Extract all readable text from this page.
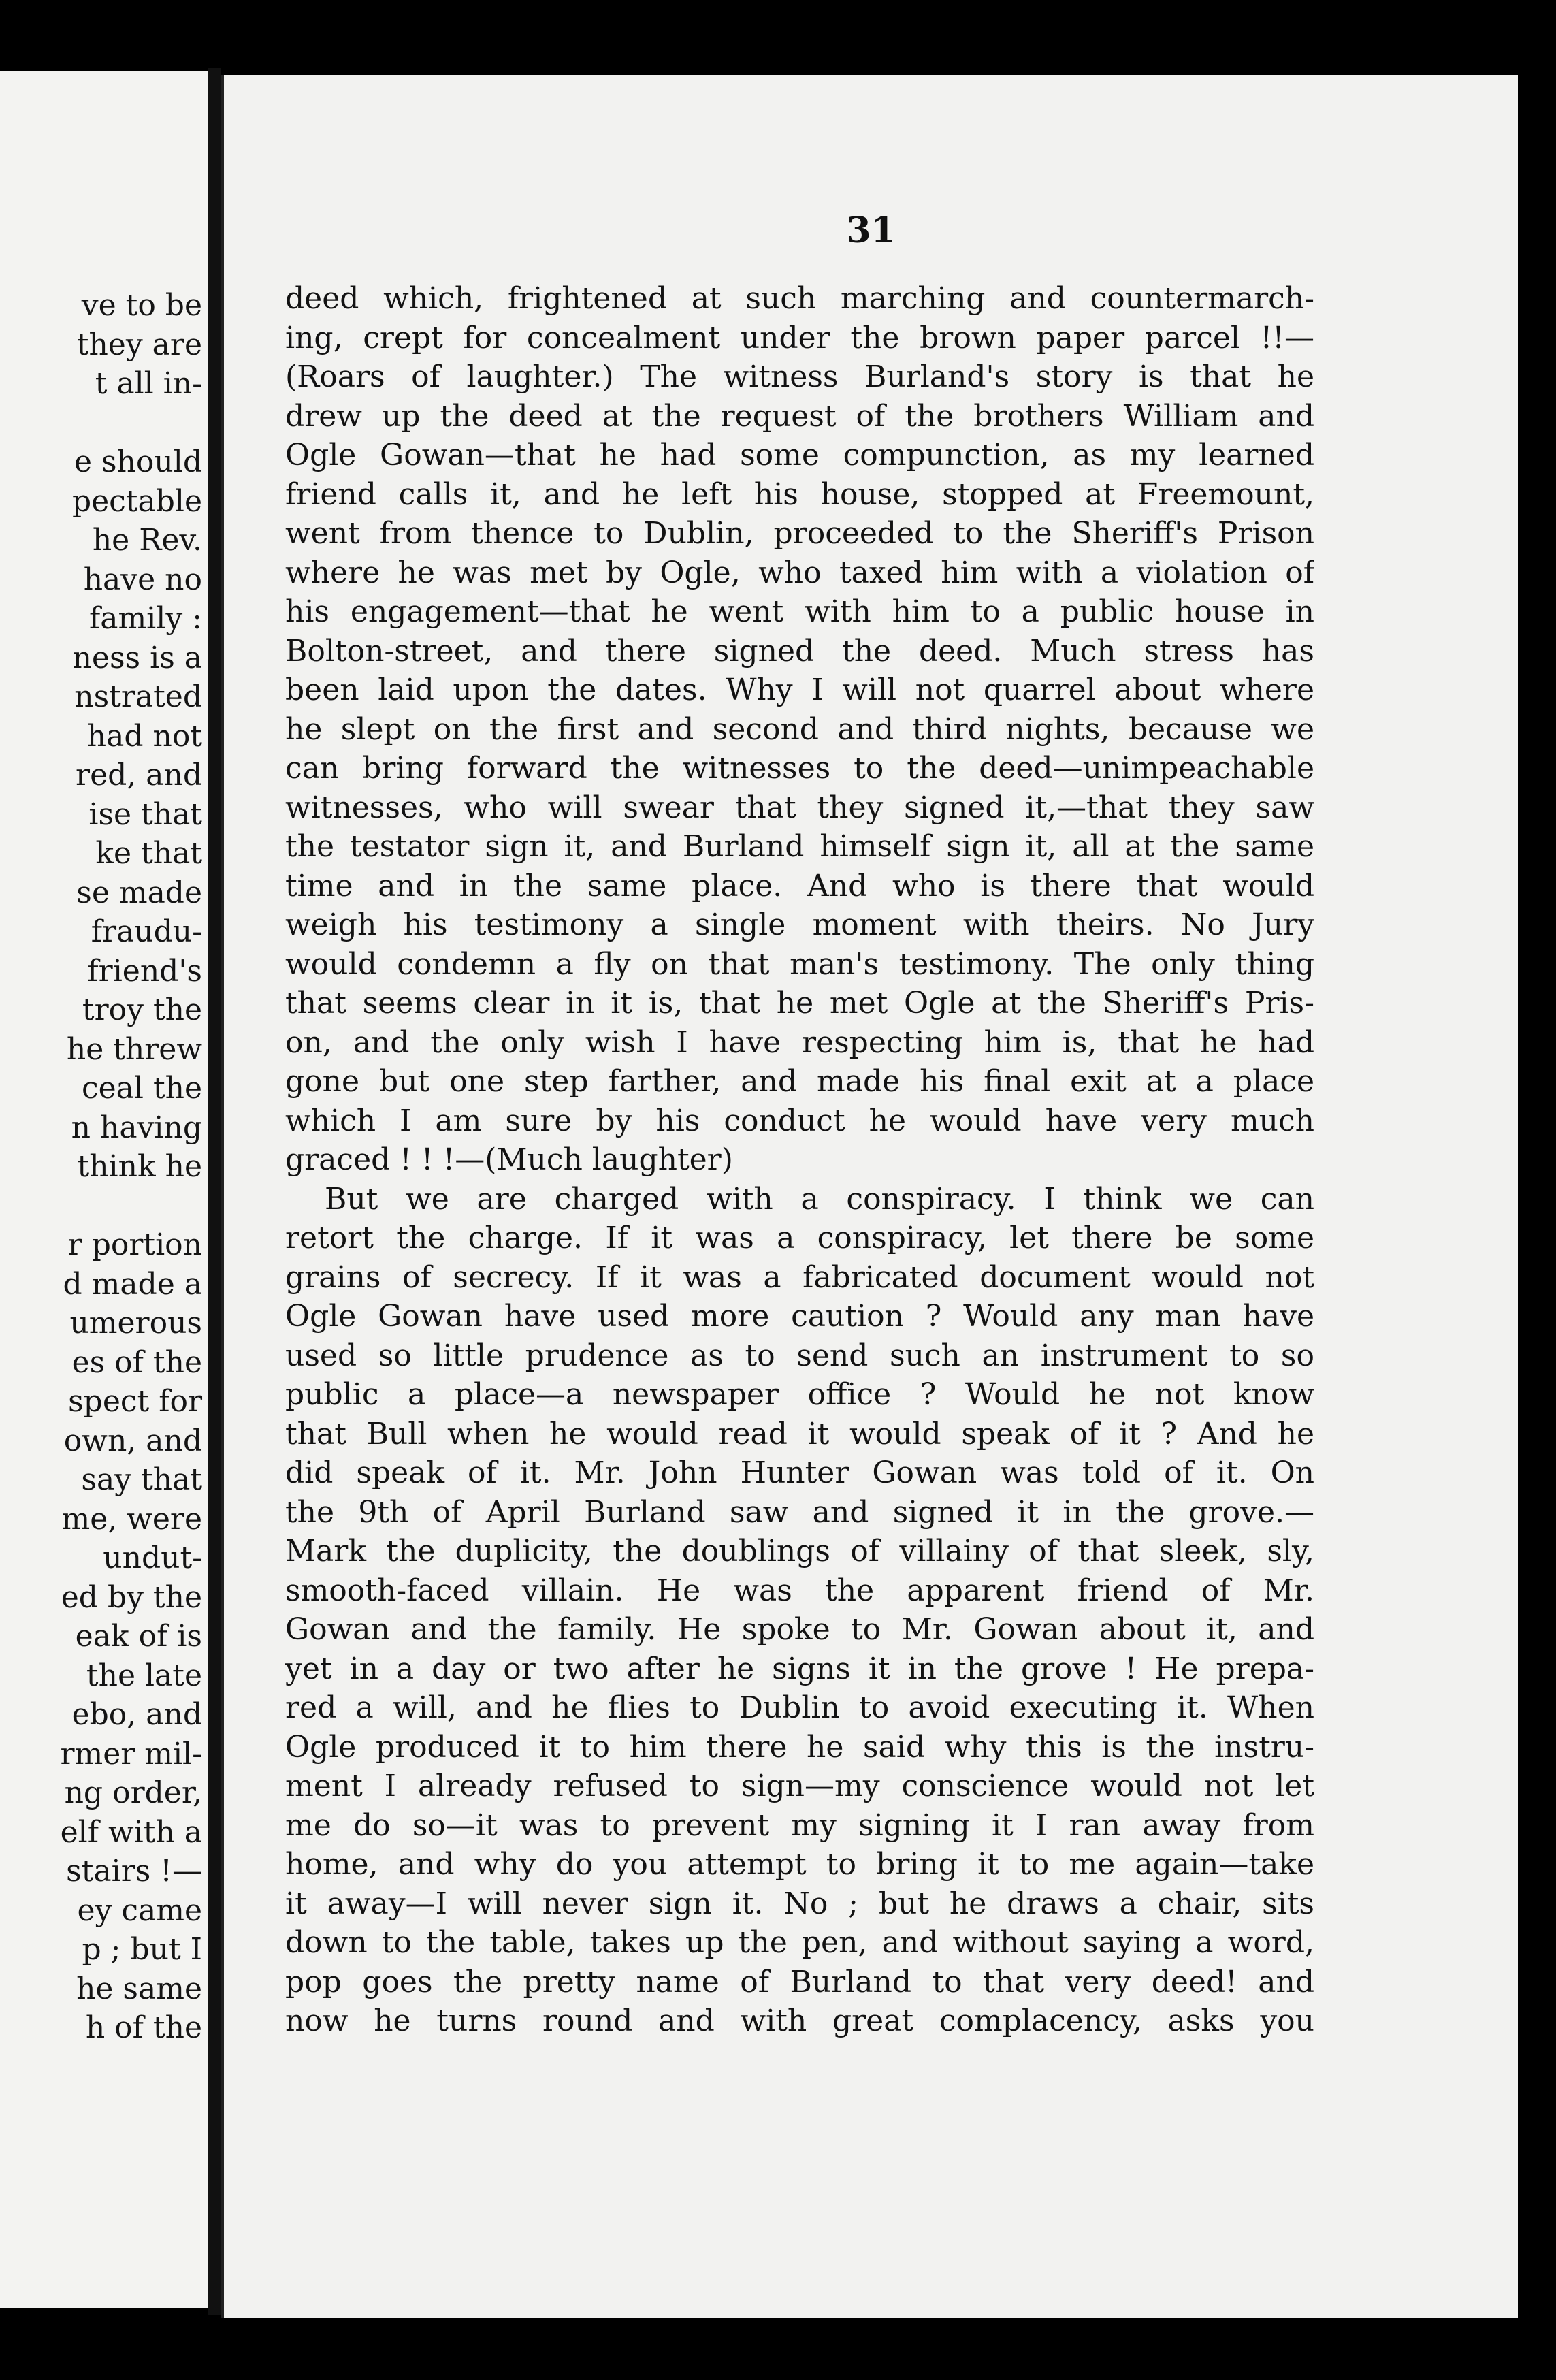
ve to be
they are
t all in-
e should
pectable
he Rev.
have no
family :
ness is a
nstrated
had not
red, and
ise that
ke that
se made
fraudu-
friend's
troy the
he threw
ceal the
n having
think he
r portion
d made a
umerous
es of the
spect for
own, and
say that
me, were
undut-
ed by the
eak of is
the late
ebo, and
rmer mil-
ng order,
elf with a
stairs !—
ey came
p ; but I
he same
h of the
31
deed which, frightened at such marching and countermarch-
ing, crept for concealment under the brown paper parcel !!—
(Roars of laughter.) The witness Burland's story is that he
drew up the deed at the request of the brothers William and
Ogle Gowan—that he had some compunction, as my learned
friend calls it, and he left his house, stopped at Freemount,
went from thence to Dublin, proceeded to the Sheriff's Prison
where he was met by Ogle, who taxed him with a violation of
his engagement—that he went with him to a public house in
Bolton-street, and there signed the deed. Much stress has
been laid upon the dates. Why I will not quarrel about where
he slept on the first and second and third nights, because we
can bring forward the witnesses to the deed—unimpeachable
witnesses, who will swear that they signed it,—that they saw
the testator sign it, and Burland himself sign it, all at the same
time and in the same place. And who is there that would
weigh his testimony a single moment with theirs. No Jury
would condemn a fly on that man's testimony. The only thing
that seems clear in it is, that he met Ogle at the Sheriff's Pris-
on, and the only wish I have respecting him is, that he had
gone but one step farther, and made his final exit at a place
which I am sure by his conduct he would have very much
graced ! ! !—(Much laughter)
But we are charged with a conspiracy. I think we can
retort the charge. If it was a conspiracy, let there be some
grains of secrecy. If it was a fabricated document would not
Ogle Gowan have used more caution ? Would any man have
used so little prudence as to send such an instrument to so
public a place—a newspaper office ? Would he not know
that Bull when he would read it would speak of it ? And he
did speak of it. Mr. John Hunter Gowan was told of it. On
the 9th of April Burland saw and signed it in the grove.—
Mark the duplicity, the doublings of villainy of that sleek, sly,
smooth-faced villain. He was the apparent friend of Mr.
Gowan and the family. He spoke to Mr. Gowan about it, and
yet in a day or two after he signs it in the grove ! He prepa-
red a will, and he flies to Dublin to avoid executing it. When
Ogle produced it to him there he said why this is the instru-
ment I already refused to sign—my conscience would not let
me do so—it was to prevent my signing it I ran away from
home, and why do you attempt to bring it to me again—take
it away—I will never sign it. No ; but he draws a chair, sits
down to the table, takes up the pen, and without saying a word,
pop goes the pretty name of Burland to that very deed! and
now he turns round and with great complacency, asks you
